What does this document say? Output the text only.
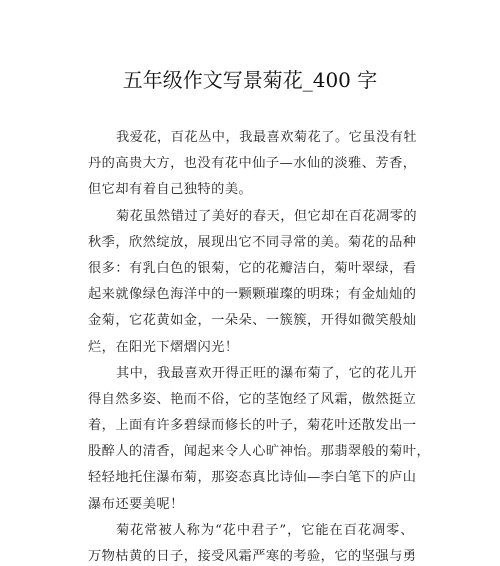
五年级作文写景菊花_400 字
我爱花，百花丛中，我最喜欢菊花了。它虽没有牡
丹的高贵大方，也没有花中仙子—水仙的淡雅、芳香，
但它却有着自己独特的美。
菊花虽然错过了美好的春天，但它却在百花凋零的
秋季，欣然绽放，展现出它不同寻常的美。菊花的品种
很多：有乳白色的银菊，它的花瓣洁白，菊叶翠绿，看
起来就像绿色海洋中的一颗颗璀璨的明珠；有金灿灿的
金菊，它花黄如金，一朵朵、一簇簇，开得如微笑般灿
烂，在阳光下熠熠闪光！
其中，我最喜欢开得正旺的瀑布菊了，它的花儿开
得自然多姿、艳而不俗，它的茎饱经了风霜，傲然挺立
着，上面有许多碧绿而修长的叶子，菊花叶还散发出一
股醉人的清香，闻起来令人心旷神怡。那翡翠般的菊叶，
轻轻地托住瀑布菊，那姿态真比诗仙—李白笔下的庐山
瀑布还要美呢！
菊花常被人称为“花中君子”，它能在百花凋零、
万物枯黄的日子，接受风霜严寒的考验，它的坚强与勇
